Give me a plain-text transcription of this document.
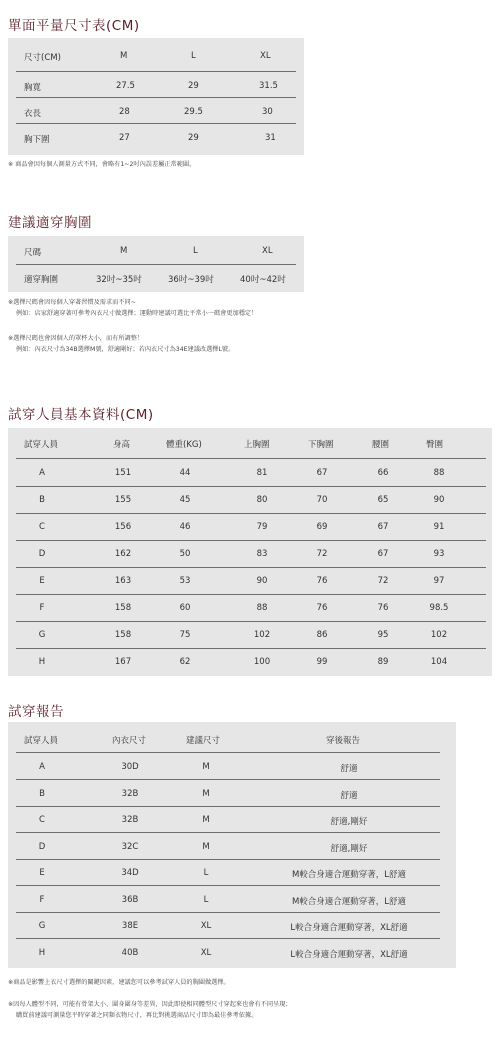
單面平量尺寸表(CM)
尺寸(CM)	M	L	XL
胸寬	27.5	29	31.5
衣長	28	29.5	30
胸下圍	27	29	31
※ 商品會因每個人測量方式不同，會略有1~2吋內誤差屬正常範圍。
建議適穿胸圍
尺碼	M	L	XL
適穿胸圍	32吋~35吋	36吋~39吋	40吋~42吋
※選擇尺碼會因每個人穿著習慣及需求而不同~
例如：店家舒適穿著可參考內衣尺寸做選擇；運動時建議可選比平常小一碼會更加穩定！
※選擇尺碼也會因個人的罩杯大小，而有所調整！
例如：內衣尺寸為34B選擇M號，舒適剛好；若內衣尺寸為34E建議改選擇L號。
試穿人員基本資料(CM)
試穿人員	身高	體重(KG)	上胸圍	下胸圍	腰圍	臀圍
A	151	44	81	67	66	88
B	155	45	80	70	65	90
C	156	46	79	69	67	91
D	162	50	83	72	67	93
E	163	53	90	76	72	97
F	158	60	88	76	76	98.5
G	158	75	102	86	95	102
H	167	62	100	99	89	104
試穿報告
試穿人員	內衣尺寸	建議尺寸	穿後報告
A	30D	M	舒適
B	32B	M	舒適
C	32B	M	舒適,剛好
D	32C	M	舒適,剛好
E	34D	L	M較合身適合運動穿著，L舒適
F	36B	L	M較合身適合運動穿著，L舒適
G	38E	XL	L較合身適合運動穿著，XL舒適
H	40B	XL	L較合身適合運動穿著，XL舒適
※商品是影響上衣尺寸選擇的關鍵因素，建議您可以參考試穿人員的胸圍做選擇。
※因每人體型不同，可能有骨架大小、圍身圍身等差異，因此即使相同體型尺寸穿起來也會有不同呈現；
購買前建議可測量您平時穿著之同類衣物尺寸，再比對挑選商品尺寸即為最佳參考依據。
